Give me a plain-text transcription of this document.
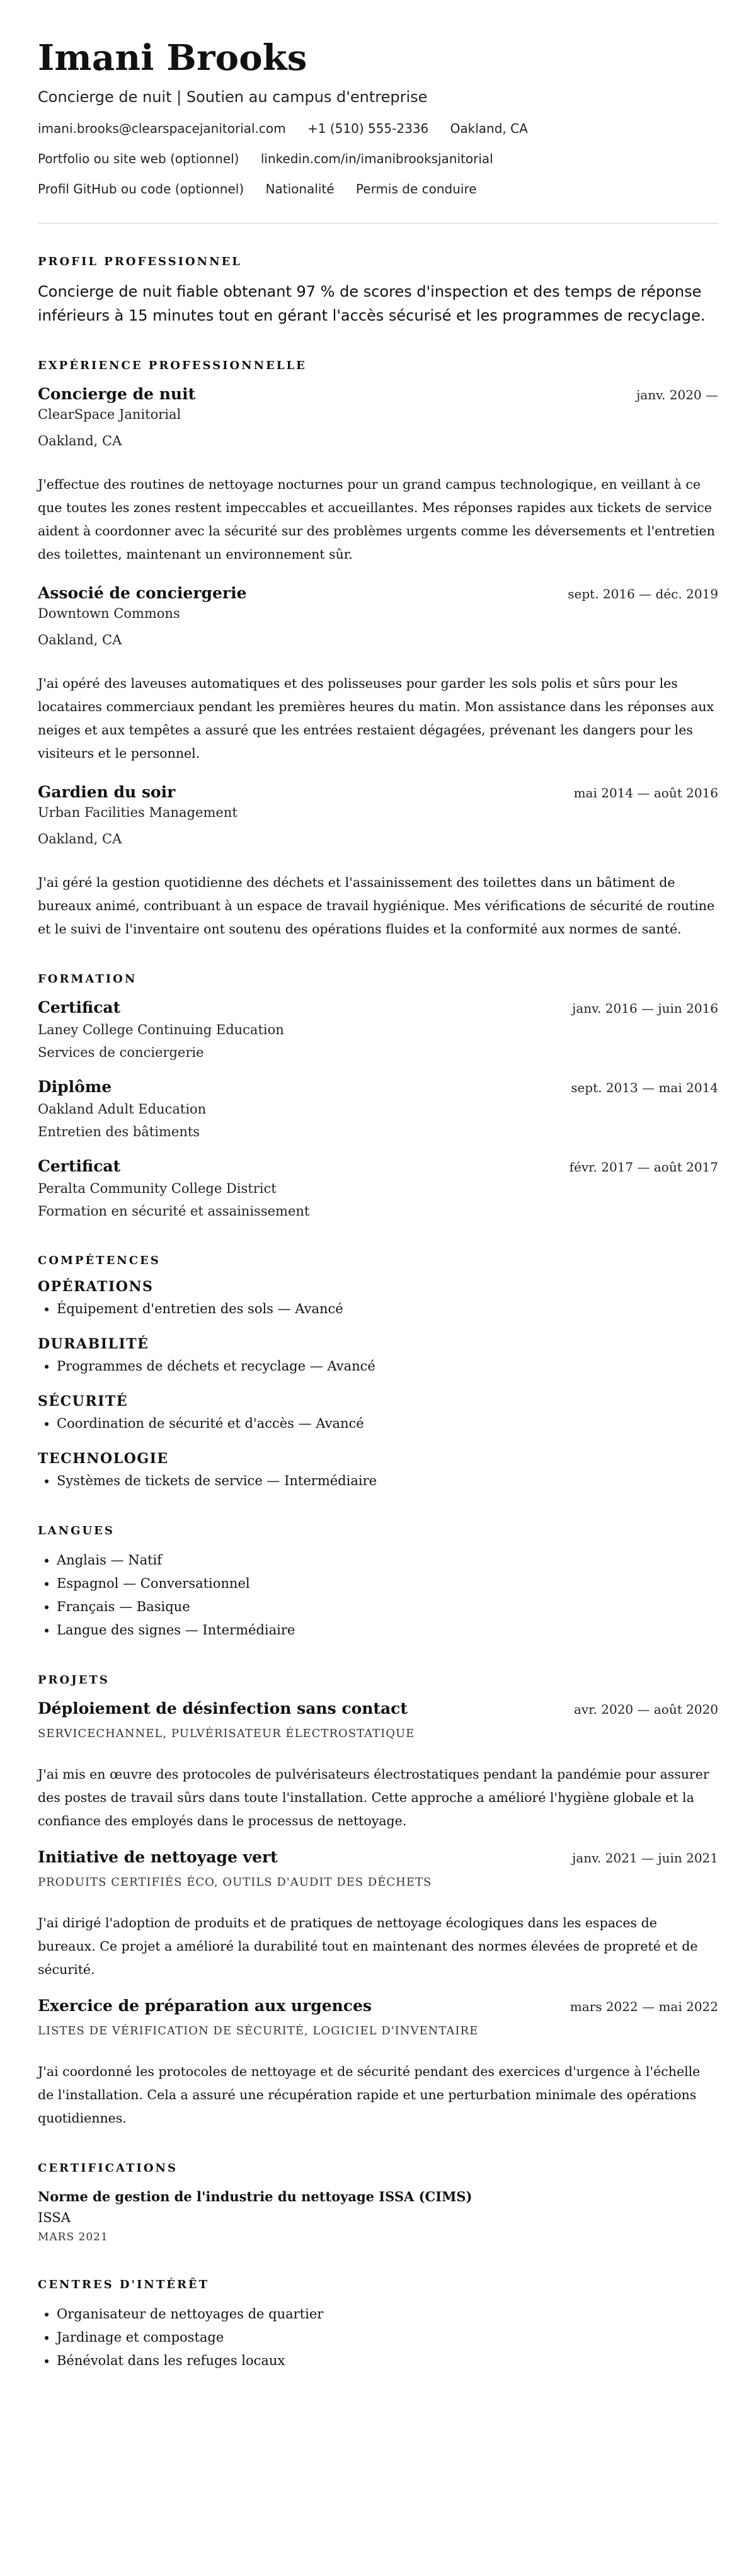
Imani Brooks
Concierge de nuit | Soutien au campus d'entreprise
imani.brooks@clearspacejanitorial.com +1 (510) 555-2336 Oakland, CA
Portfolio ou site web (optionnel) linkedin.com/in/imanibrooksjanitorial
Profil GitHub ou code (optionnel) Nationalité Permis de conduire
PROFIL PROFESSIONNEL
Concierge de nuit fiable obtenant 97 % de scores d'inspection et des temps de réponse inférieurs à 15 minutes tout en gérant l'accès sécurisé et les programmes de recyclage.
EXPÉRIENCE PROFESSIONNELLE
Concierge de nuit	janv. 2020 —
ClearSpace Janitorial
Oakland, CA
J'effectue des routines de nettoyage nocturnes pour un grand campus technologique, en veillant à ce que toutes les zones restent impeccables et accueillantes. Mes réponses rapides aux tickets de service aident à coordonner avec la sécurité sur des problèmes urgents comme les déversements et l'entretien des toilettes, maintenant un environnement sûr.
Associé de conciergerie	sept. 2016 — déc. 2019
Downtown Commons
Oakland, CA
J'ai opéré des laveuses automatiques et des polisseuses pour garder les sols polis et sûrs pour les locataires commerciaux pendant les premières heures du matin. Mon assistance dans les réponses aux neiges et aux tempêtes a assuré que les entrées restaient dégagées, prévenant les dangers pour les visiteurs et le personnel.
Gardien du soir	mai 2014 — août 2016
Urban Facilities Management
Oakland, CA
J'ai géré la gestion quotidienne des déchets et l'assainissement des toilettes dans un bâtiment de bureaux animé, contribuant à un espace de travail hygiénique. Mes vérifications de sécurité de routine et le suivi de l'inventaire ont soutenu des opérations fluides et la conformité aux normes de santé.
FORMATION
Certificat	janv. 2016 — juin 2016
Laney College Continuing Education
Services de conciergerie
Diplôme	sept. 2013 — mai 2014
Oakland Adult Education
Entretien des bâtiments
Certificat	févr. 2017 — août 2017
Peralta Community College District
Formation en sécurité et assainissement
COMPÉTENCES
OPÉRATIONS
• Équipement d'entretien des sols — Avancé
DURABILITÉ
• Programmes de déchets et recyclage — Avancé
SÉCURITÉ
• Coordination de sécurité et d'accès — Avancé
TECHNOLOGIE
• Systèmes de tickets de service — Intermédiaire
LANGUES
• Anglais — Natif
• Espagnol — Conversationnel
• Français — Basique
• Langue des signes — Intermédiaire
PROJETS
Déploiement de désinfection sans contact	avr. 2020 — août 2020
SERVICECHANNEL, PULVÉRISATEUR ÉLECTROSTATIQUE
J'ai mis en œuvre des protocoles de pulvérisateurs électrostatiques pendant la pandémie pour assurer des postes de travail sûrs dans toute l'installation. Cette approche a amélioré l'hygiène globale et la confiance des employés dans le processus de nettoyage.
Initiative de nettoyage vert	janv. 2021 — juin 2021
PRODUITS CERTIFIÉS ÉCO, OUTILS D'AUDIT DES DÉCHETS
J'ai dirigé l'adoption de produits et de pratiques de nettoyage écologiques dans les espaces de bureaux. Ce projet a amélioré la durabilité tout en maintenant des normes élevées de propreté et de sécurité.
Exercice de préparation aux urgences	mars 2022 — mai 2022
LISTES DE VÉRIFICATION DE SÉCURITÉ, LOGICIEL D'INVENTAIRE
J'ai coordonné les protocoles de nettoyage et de sécurité pendant des exercices d'urgence à l'échelle de l'installation. Cela a assuré une récupération rapide et une perturbation minimale des opérations quotidiennes.
CERTIFICATIONS
Norme de gestion de l'industrie du nettoyage ISSA (CIMS)
ISSA
MARS 2021
CENTRES D'INTÉRÊT
• Organisateur de nettoyages de quartier
• Jardinage et compostage
• Bénévolat dans les refuges locaux
